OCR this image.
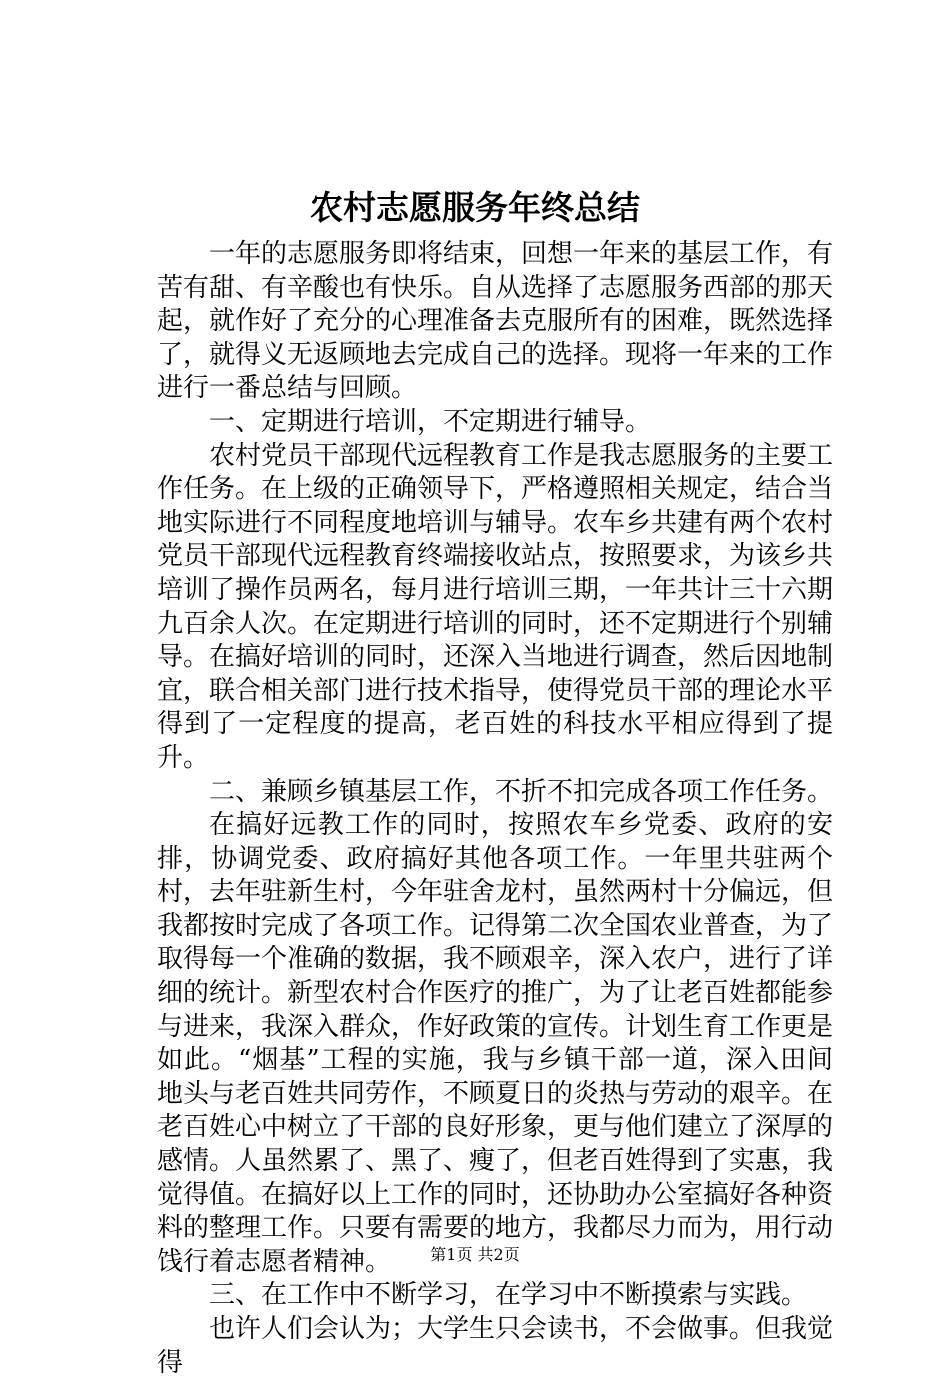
农村志愿服务年终总结

一年的志愿服务即将结束，回想一年来的基层工作，有苦有甜、有辛酸也有快乐。自从选择了志愿服务西部的那天起，就作好了充分的心理准备去克服所有的困难，既然选择了，就得义无返顾地去完成自己的选择。现将一年来的工作进行一番总结与回顾。

一、定期进行培训，不定期进行辅导。

农村党员干部现代远程教育工作是我志愿服务的主要工作任务。在上级的正确领导下，严格遵照相关规定，结合当地实际进行不同程度地培训与辅导。农车乡共建有两个农村党员干部现代远程教育终端接收站点，按照要求，为该乡共培训了操作员两名，每月进行培训三期，一年共计三十六期九百余人次。在定期进行培训的同时，还不定期进行个别辅导。在搞好培训的同时，还深入当地进行调查，然后因地制宜，联合相关部门进行技术指导，使得党员干部的理论水平得到了一定程度的提高，老百姓的科技水平相应得到了提升。

二、兼顾乡镇基层工作，不折不扣完成各项工作任务。

在搞好远教工作的同时，按照农车乡党委、政府的安排，协调党委、政府搞好其他各项工作。一年里共驻两个村，去年驻新生村，今年驻舍龙村，虽然两村十分偏远，但我都按时完成了各项工作。记得第二次全国农业普查，为了取得每一个准确的数据，我不顾艰辛，深入农户，进行了详细的统计。新型农村合作医疗的推广，为了让老百姓都能参与进来，我深入群众，作好政策的宣传。计划生育工作更是如此。“烟基”工程的实施，我与乡镇干部一道，深入田间地头与老百姓共同劳作，不顾夏日的炎热与劳动的艰辛。在老百姓心中树立了干部的良好形象，更与他们建立了深厚的感情。人虽然累了、黑了、瘦了，但老百姓得到了实惠，我觉得值。在搞好以上工作的同时，还协助办公室搞好各种资料的整理工作。只要有需要的地方，我都尽力而为，用行动饯行着志愿者精神。

三、在工作中不断学习，在学习中不断摸索与实践。

也许人们会认为；大学生只会读书，不会做事。但我觉得

第1页 共2页
